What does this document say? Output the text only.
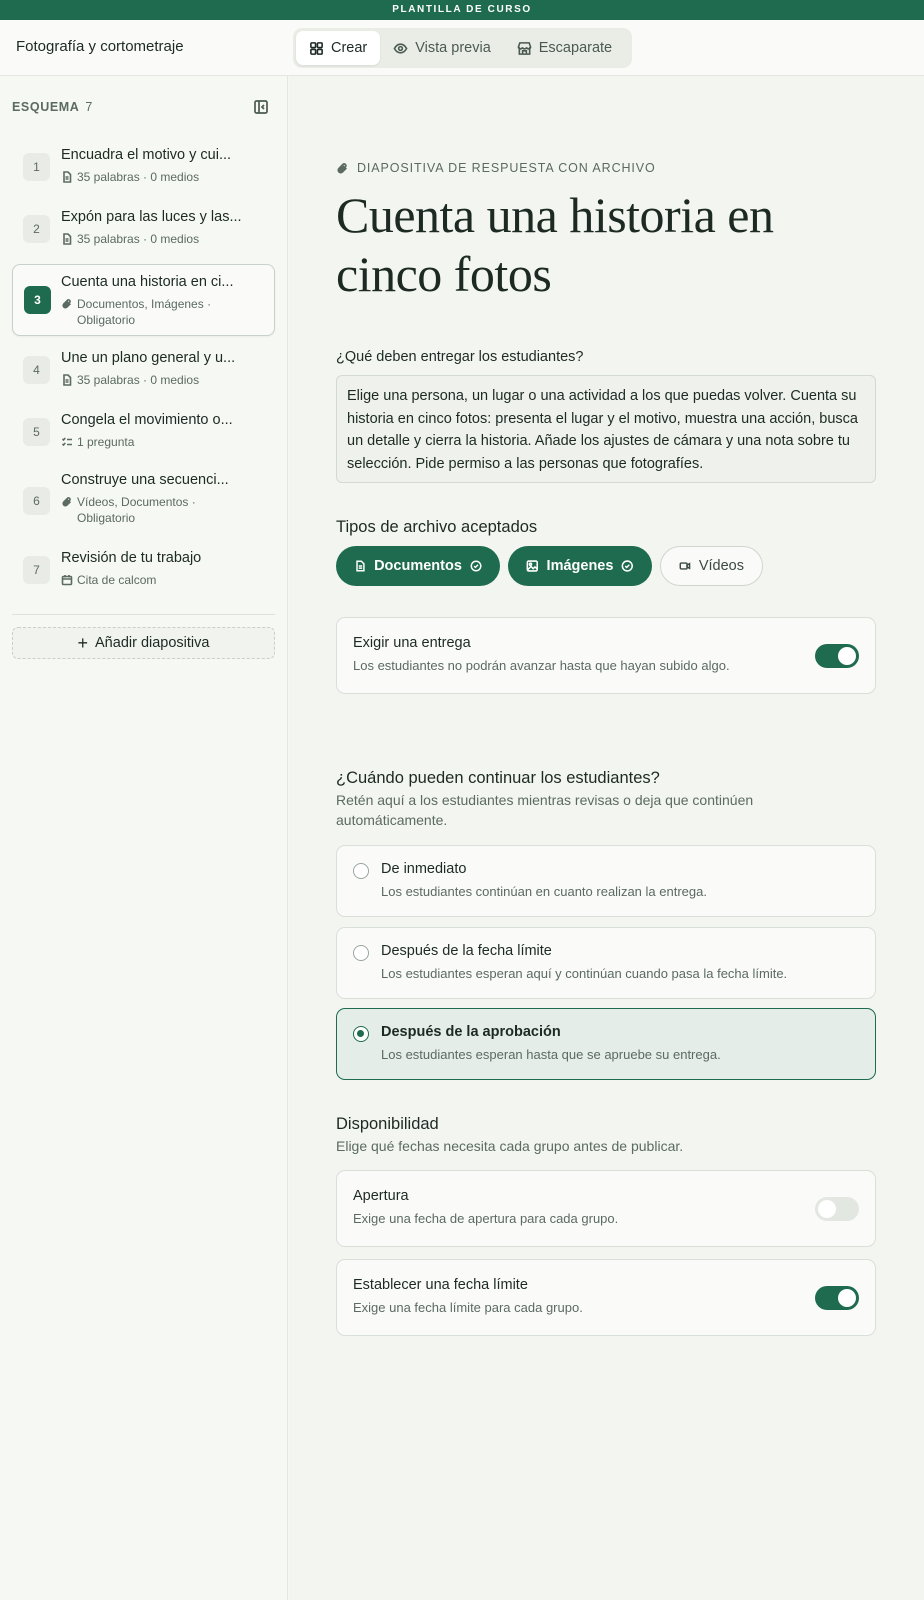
PLANTILLA DE CURSO
Fotografía y cortometraje	Crear	Vista previa	Escaparate
ESQUEMA 7
1
Encuadra el motivo y cui...
35 palabras · 0 medios
2
Expón para las luces y las...
35 palabras · 0 medios
3
Cuenta una historia en ci...
Documentos, Imágenes ·
Obligatorio
4
Une un plano general y u...
35 palabras · 0 medios
5
Congela el movimiento o...
1 pregunta
6
Construye una secuenci...
Vídeos, Documentos ·
Obligatorio
7
Revisión de tu trabajo
Cita de calcom
+ Añadir diapositiva
DIAPOSITIVA DE RESPUESTA CON ARCHIVO
Cuenta una historia en cinco fotos
¿Qué deben entregar los estudiantes?
Elige una persona, un lugar o una actividad a los que puedas volver. Cuenta su historia en cinco fotos: presenta el lugar y el motivo, muestra una acción, busca un detalle y cierra la historia. Añade los ajustes de cámara y una nota sobre tu selección. Pide permiso a las personas que fotografíes.
Tipos de archivo aceptados
Documentos	Imágenes	Vídeos
Exigir una entrega
Los estudiantes no podrán avanzar hasta que hayan subido algo.
¿Cuándo pueden continuar los estudiantes?
Retén aquí a los estudiantes mientras revisas o deja que continúen automáticamente.
De inmediato
Los estudiantes continúan en cuanto realizan la entrega.
Después de la fecha límite
Los estudiantes esperan aquí y continúan cuando pasa la fecha límite.
Después de la aprobación
Los estudiantes esperan hasta que se apruebe su entrega.
Disponibilidad
Elige qué fechas necesita cada grupo antes de publicar.
Apertura
Exige una fecha de apertura para cada grupo.
Establecer una fecha límite
Exige una fecha límite para cada grupo.
